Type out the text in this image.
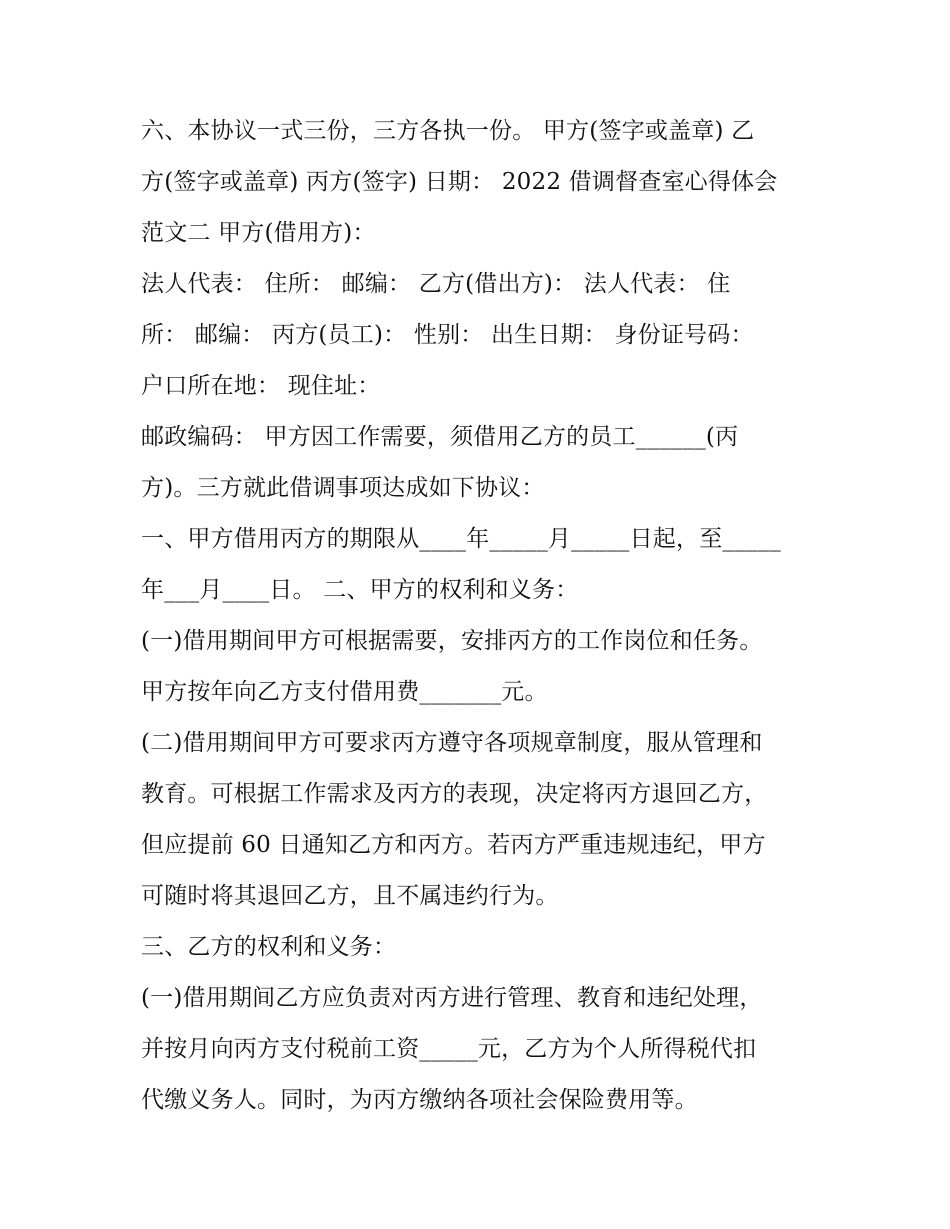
六、本协议一式三份，三方各执一份。 甲方(签字或盖章) 乙
方(签字或盖章) 丙方(签字) 日期： 2022 借调督查室心得体会
范文二 甲方(借用方)：
法人代表： 住所： 邮编： 乙方(借出方)： 法人代表： 住
所： 邮编： 丙方(员工)： 性别： 出生日期： 身份证号码：
户口所在地： 现住址：
邮政编码： 甲方因工作需要，须借用乙方的员工______(丙
方)。三方就此借调事项达成如下协议：
一、甲方借用丙方的期限从____年_____月_____日起，至_____
年___月____日。 二、甲方的权利和义务：
(一)借用期间甲方可根据需要，安排丙方的工作岗位和任务。
甲方按年向乙方支付借用费_______元。
(二)借用期间甲方可要求丙方遵守各项规章制度，服从管理和
教育。可根据工作需求及丙方的表现，决定将丙方退回乙方，
但应提前 60 日通知乙方和丙方。若丙方严重违规违纪，甲方
可随时将其退回乙方，且不属违约行为。
三、乙方的权利和义务：
(一)借用期间乙方应负责对丙方进行管理、教育和违纪处理，
并按月向丙方支付税前工资_____元，乙方为个人所得税代扣
代缴义务人。同时，为丙方缴纳各项社会保险费用等。
